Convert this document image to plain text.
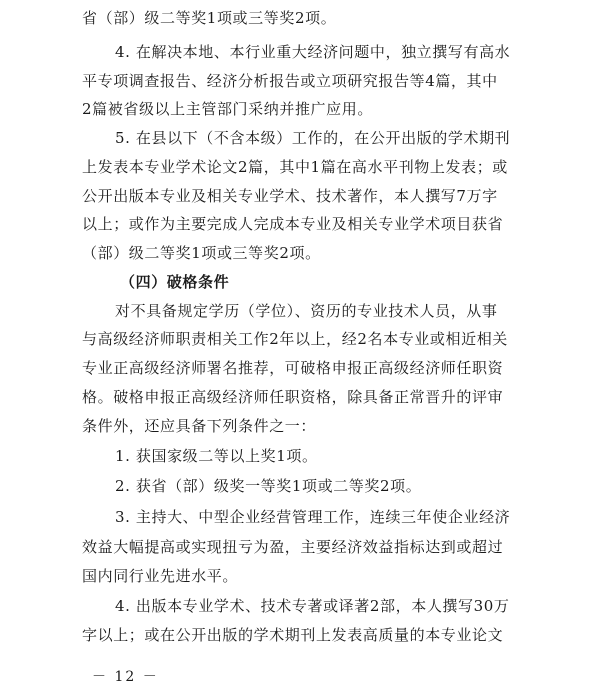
省（部）级二等奖1项或三等奖2项。
4. 在解决本地、本行业重大经济问题中，独立撰写有高水
平专项调查报告、经济分析报告或立项研究报告等4篇，其中
2篇被省级以上主管部门采纳并推广应用。
5. 在县以下（不含本级）工作的，在公开出版的学术期刊
上发表本专业学术论文2篇，其中1篇在高水平刊物上发表；或
公开出版本专业及相关专业学术、技术著作，本人撰写7万字
以上；或作为主要完成人完成本专业及相关专业学术项目获省
（部）级二等奖1项或三等奖2项。
（四）破格条件
对不具备规定学历（学位）、资历的专业技术人员，从事
与高级经济师职责相关工作2年以上，经2名本专业或相近相关
专业正高级经济师署名推荐，可破格申报正高级经济师任职资
格。破格申报正高级经济师任职资格，除具备正常晋升的评审
条件外，还应具备下列条件之一：
1. 获国家级二等以上奖1项。
2. 获省（部）级奖一等奖1项或二等奖2项。
3. 主持大、中型企业经营管理工作，连续三年使企业经济
效益大幅提高或实现扭亏为盈，主要经济效益指标达到或超过
国内同行业先进水平。
4. 出版本专业学术、技术专著或译著2部，本人撰写30万
字以上；或在公开出版的学术期刊上发表高质量的本专业论文
－ 12 －
